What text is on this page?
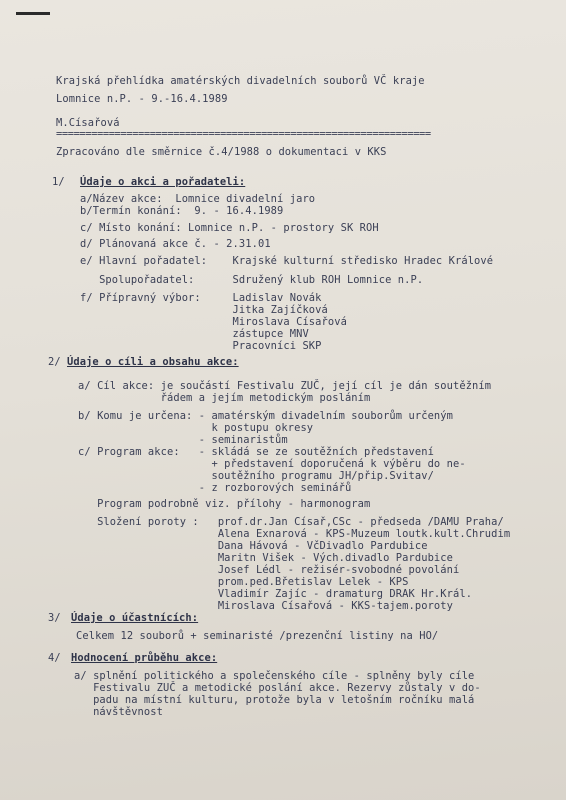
Krajská přehlídka amatérských divadelních souborů VČ kraje
Lomnice n.P. - 9.-16.4.1989
M.Císařová
================================================================
Zpracováno dle směrnice č.4/1988 o dokumentaci v KKS
1/ Údaje o akci a pořadateli:
a/Název akce:  Lomnice divadelní jaro
b/Termín konání:  9. - 16.4.1989
c/ Místo konání: Lomnice n.P. - prostory SK ROH
d/ Plánovaná akce č. - 2.31.01
e/ Hlavní pořadatel:    Krajské kulturní středisko Hradec Králové
Spolupořadatel:      Sdružený klub ROH Lomnice n.P.
f/ Přípravný výbor:     Ladislav Novák
Jitka Zajíčková
Miroslava Císařová
zástupce MNV
Pracovníci SKP
2/ Údaje o cíli a obsahu akce:
a/ Cíl akce: je součástí Festivalu ZUČ, její cíl je dán soutěžním
řádem a jejím metodickým posláním
b/ Komu je určena: - amatérským divadelním souborům určeným
k postupu okresy
- seminaristům
c/ Program akce:   - skládá se ze soutěžních představení
+ představení doporučená k výběru do ne-
soutěžního programu JH/přip.Svitav/
- z rozborových seminářů
Program podrobně viz. přílohy - harmonogram
Složení poroty :   prof.dr.Jan Císař,CSc - předseda /DAMU Praha/
Alena Exnarová - KPS-Muzeum loutk.kult.Chrudim
Dana Hávová - VčDivadlo Pardubice
Maritn Višek - Vých.divadlo Pardubice
Josef Lédl - režisér-svobodné povolání
prom.ped.Břetislav Lelek - KPS
Vladimír Zajíc - dramaturg DRAK Hr.Král.
Miroslava Císařová - KKS-tajem.poroty
3/ Údaje o účastnících:
Celkem 12 souborů + seminaristé /prezenční listiny na HO/
4/ Hodnocení průběhu akce:
a/ splnění politického a společenského cíle - splněny byly cíle
Festivalu ZUČ a metodické poslání akce. Rezervy zůstaly v do-
padu na místní kulturu, protože byla v letošním ročníku malá
návštěvnost
